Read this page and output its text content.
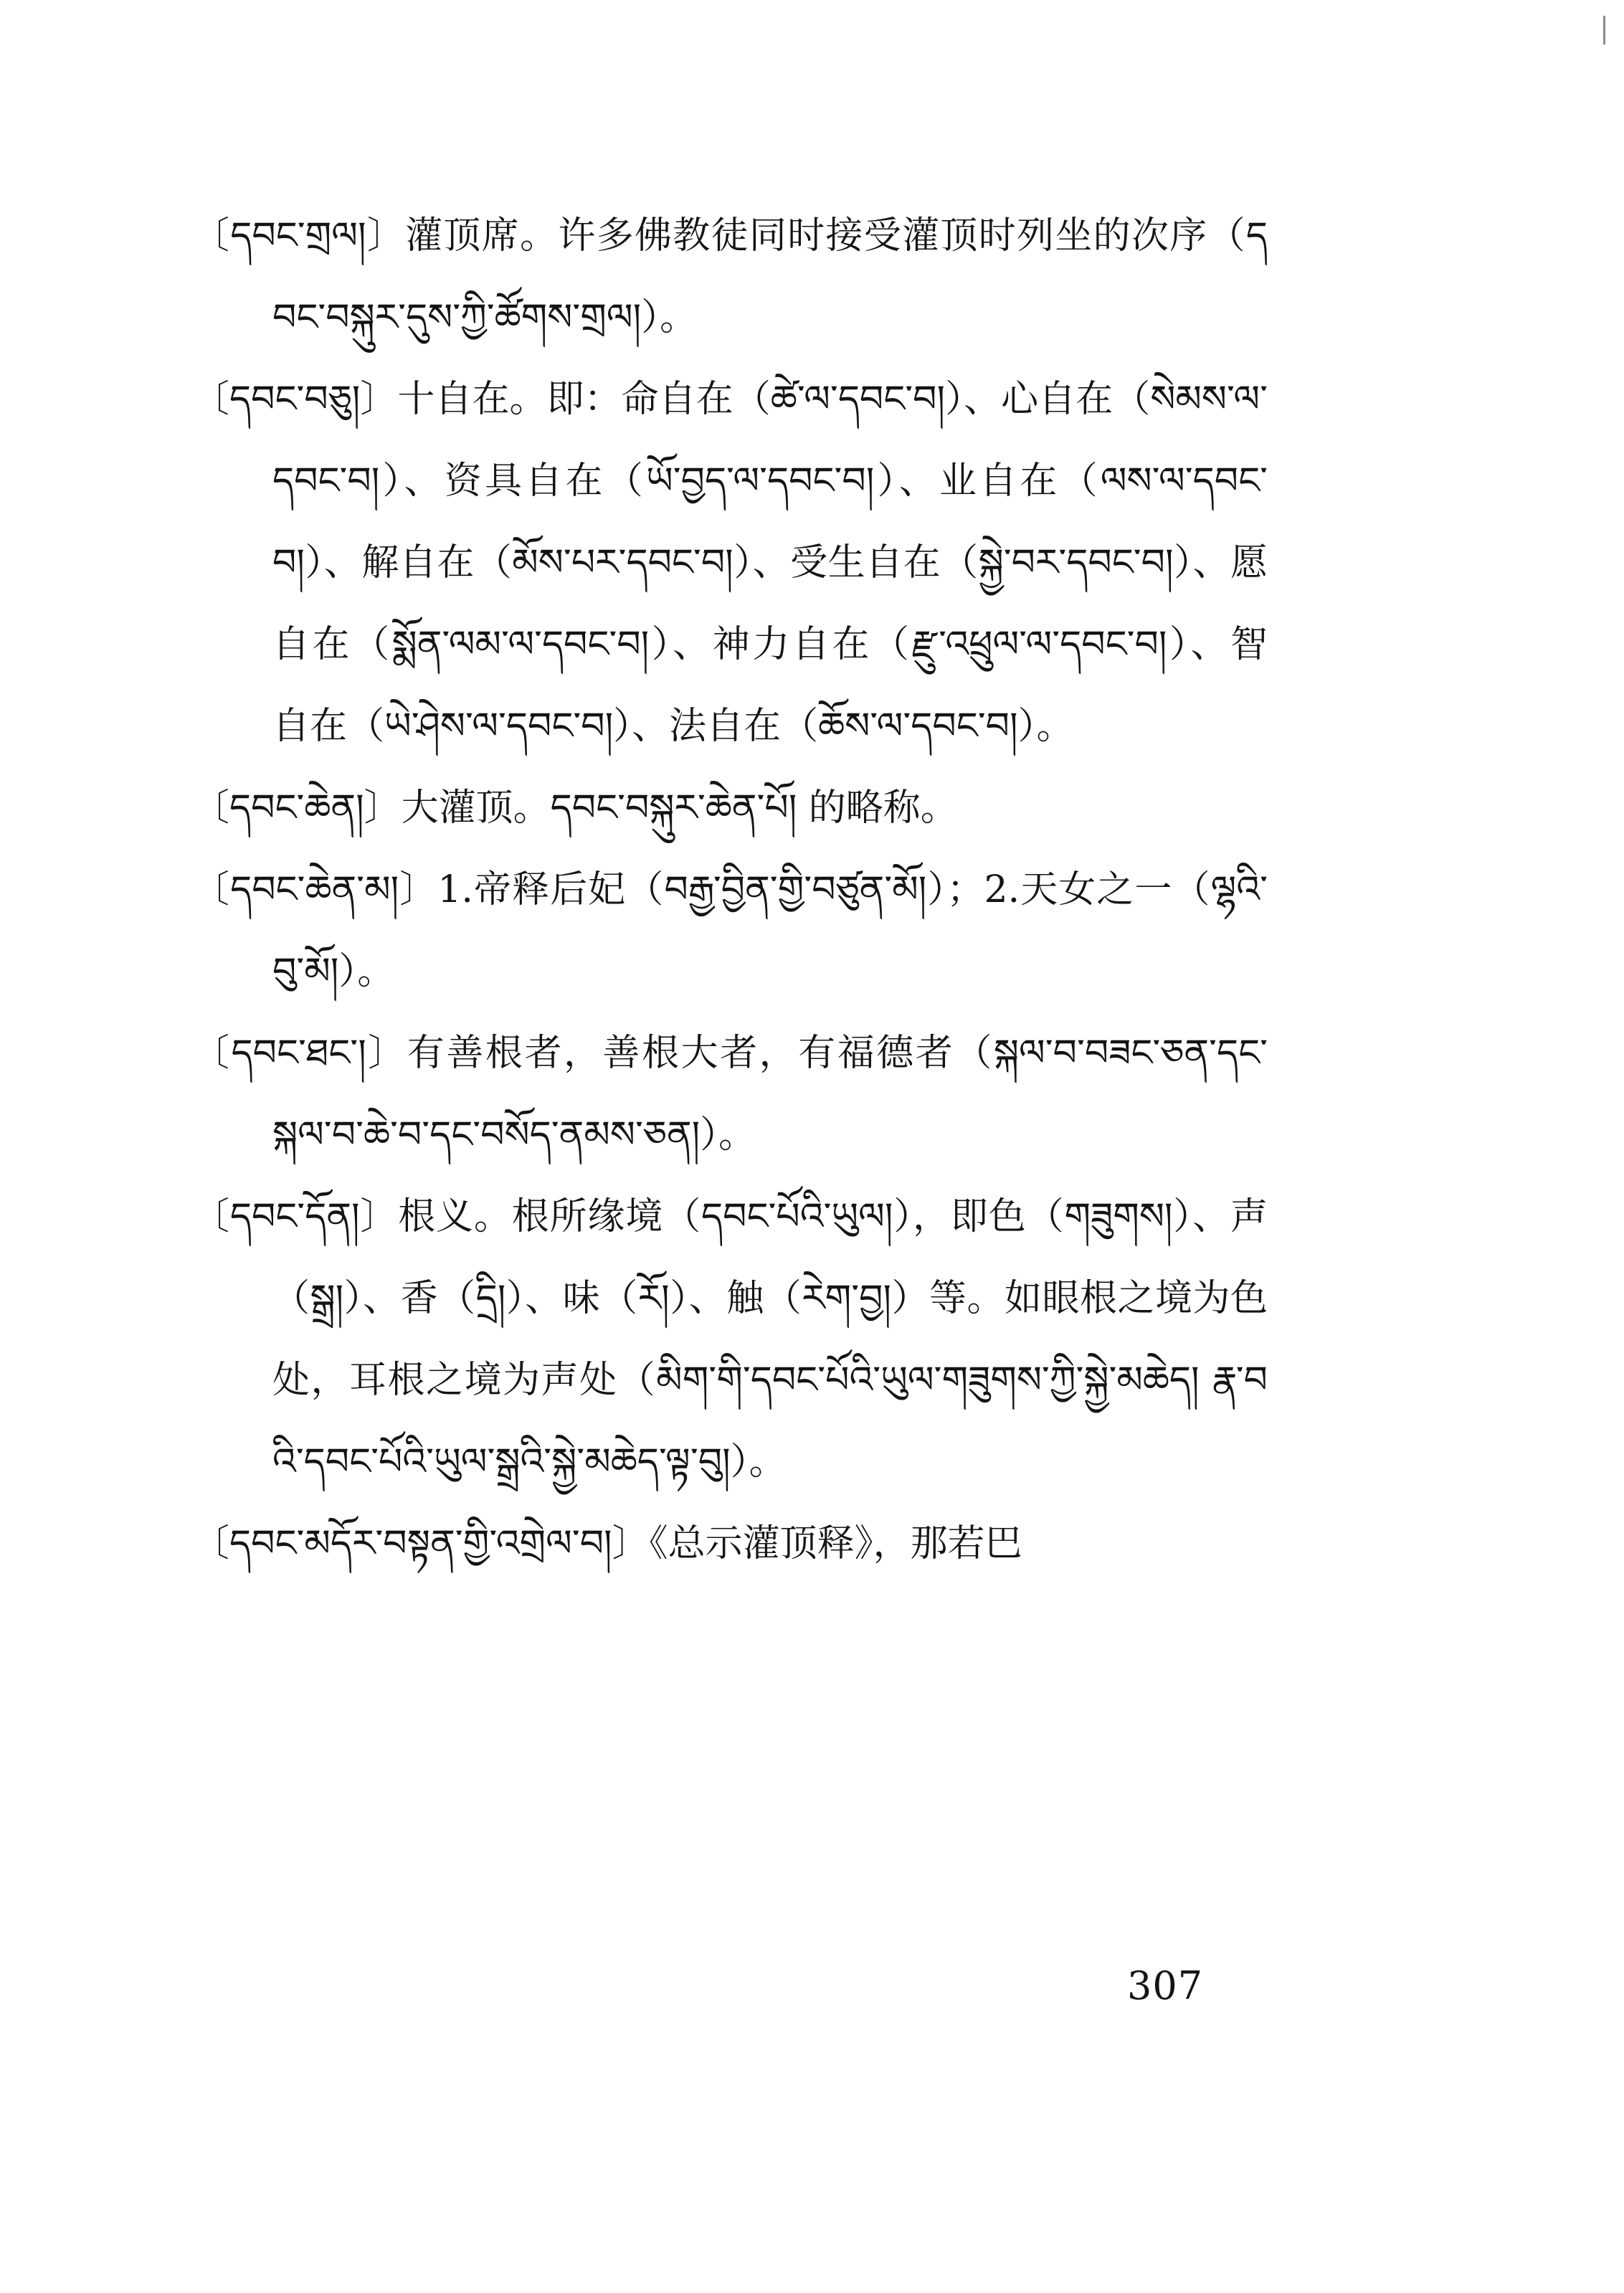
〔དབང་གྲལ།〕灌顶席。许多佛教徒同时接受灌顶时列坐的次序（དབང་བསྐུར་དུས་ཀྱི་ཚོགས་གྲལ།）。

〔དབང་བཅུ།〕十自在。即：命自在（ཚེ་ལ་དབང་བ།）、心自在（སེམས་ལ་དབང་བ།）、资具自在（ཡོ་བྱད་ལ་དབང་བ།）、业自在（ལས་ལ་དབང་བ།）、解自在（མོས་པར་དབང་བ།）、受生自在（སྐྱེ་བར་དབང་བ།）、愿自在（སྨོན་ལམ་ལ་དབང་བ།）、神力自在（རྫུ་འཕྲུལ་ལ་དབང་བ།）、智自在（ཡེ་ཤེས་ལ་དབང་བ།）、法自在（ཆོས་ལ་དབང་བ།）。

〔དབང་ཆེན།〕大灌顶。དབང་བསྐུར་ཆེན་པོ། 的略称。

〔དབང་ཆེན་མ།〕1.帝释后妃（བརྒྱ་བྱིན་གྱི་བཙུན་མོ།）；2.天女之一（ལྷའི་བུ་མོ།）。

〔དབང་ཐང་།〕有善根者，善根大者，有福德者（སྐལ་བ་བཟང་ཅན་དང་སྐལ་བ་ཆེ་བ་དང་བསོད་ནམས་ཅན།）。

〔དབང་དོན།〕根义。根所缘境（དབང་པོའི་ཡུལ།），即色（གཟུགས།）、声（སྒྲ།）、香（དྲི།）、味（རོ།）、触（རེག་བྱ།）等。如眼根之境为色处，耳根之境为声处（མིག་གི་དབང་པོའི་ཡུལ་གཟུགས་ཀྱི་སྐྱེ་མཆེད། རྣ་བའི་དབང་པོའི་ཡུལ་སྒྲའི་སྐྱེ་མཆེད་ལྟ་བུ།）。

〔དབང་མདོར་བསྟན་གྱི་འགྲེལ་བ།〕《总示灌顶释》，那若巴

307
